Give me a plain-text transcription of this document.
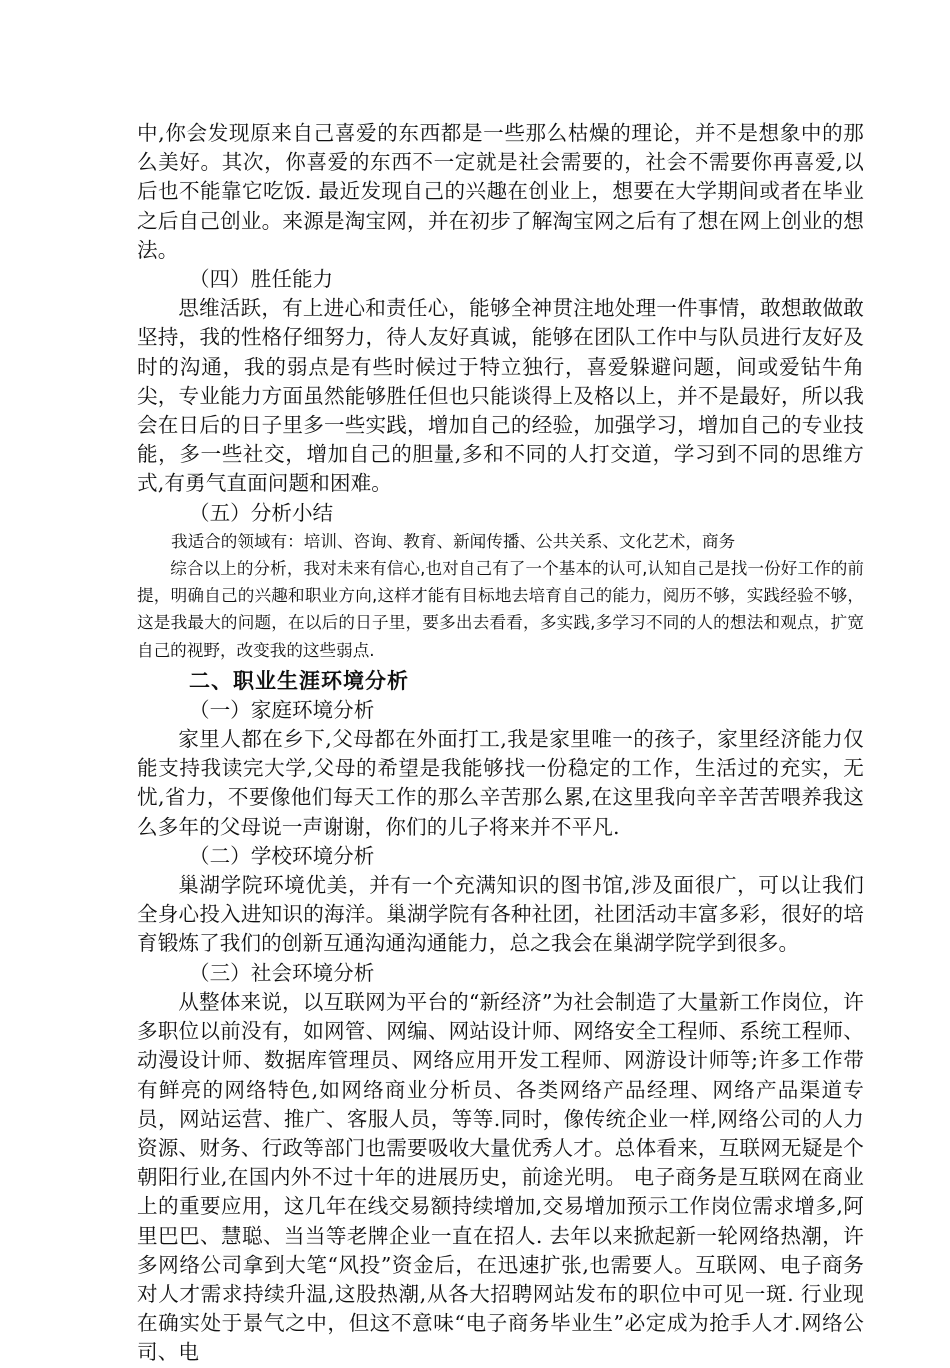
中,你会发现原来自己喜爱的东西都是一些那么枯燥的理论，并不是想象中的那么美好。其次，你喜爱的东西不一定就是社会需要的，社会不需要你再喜爱,以后也不能靠它吃饭. 最近发现自己的兴趣在创业上，想要在大学期间或者在毕业之后自己创业。来源是淘宝网，并在初步了解淘宝网之后有了想在网上创业的想法。

（四）胜任能力

思维活跃，有上进心和责任心，能够全神贯注地处理一件事情，敢想敢做敢坚持，我的性格仔细努力，待人友好真诚，能够在团队工作中与队员进行友好及时的沟通，我的弱点是有些时候过于特立独行，喜爱躲避问题，间或爱钻牛角尖，专业能力方面虽然能够胜任但也只能谈得上及格以上，并不是最好，所以我会在日后的日子里多一些实践，增加自己的经验，加强学习，增加自己的专业技能，多一些社交，增加自己的胆量,多和不同的人打交道，学习到不同的思维方式,有勇气直面问题和困难。

（五）分析小结

我适合的领域有：培训、咨询、教育、新闻传播、公共关系、文化艺术，商务

综合以上的分析，我对未来有信心,也对自己有了一个基本的认可,认知自己是找一份好工作的前提，明确自己的兴趣和职业方向,这样才能有目标地去培育自己的能力，阅历不够，实践经验不够，这是我最大的问题，在以后的日子里，要多出去看看，多实践,多学习不同的人的想法和观点，扩宽自己的视野，改变我的这些弱点.

二、职业生涯环境分析

（一）家庭环境分析

家里人都在乡下,父母都在外面打工,我是家里唯一的孩子，家里经济能力仅能支持我读完大学,父母的希望是我能够找一份稳定的工作，生活过的充实，无忧,省力，不要像他们每天工作的那么辛苦那么累,在这里我向辛辛苦苦喂养我这么多年的父母说一声谢谢，你们的儿子将来并不平凡.

（二）学校环境分析

巢湖学院环境优美，并有一个充满知识的图书馆,涉及面很广，可以让我们全身心投入进知识的海洋。巢湖学院有各种社团，社团活动丰富多彩，很好的培育锻炼了我们的创新互通沟通沟通能力，总之我会在巢湖学院学到很多。

（三）社会环境分析

从整体来说，以互联网为平台的“新经济”为社会制造了大量新工作岗位，许多职位以前没有，如网管、网编、网站设计师、网络安全工程师、系统工程师、动漫设计师、数据库管理员、网络应用开发工程师、网游设计师等;许多工作带有鲜亮的网络特色,如网络商业分析员、各类网络产品经理、网络产品渠道专员，网站运营、推广、客服人员，等等.同时，像传统企业一样,网络公司的人力资源、财务、行政等部门也需要吸收大量优秀人才。总体看来，互联网无疑是个朝阳行业,在国内外不过十年的进展历史，前途光明。 电子商务是互联网在商业上的重要应用，这几年在线交易额持续增加,交易增加预示工作岗位需求增多,阿里巴巴、慧聪、当当等老牌企业一直在招人. 去年以来掀起新一轮网络热潮，许多网络公司拿到大笔“风投”资金后，在迅速扩张,也需要人。互联网、电子商务对人才需求持续升温,这股热潮,从各大招聘网站发布的职位中可见一斑. 行业现在确实处于景气之中，但这不意味“电子商务毕业生”必定成为抢手人才.网络公司、电
